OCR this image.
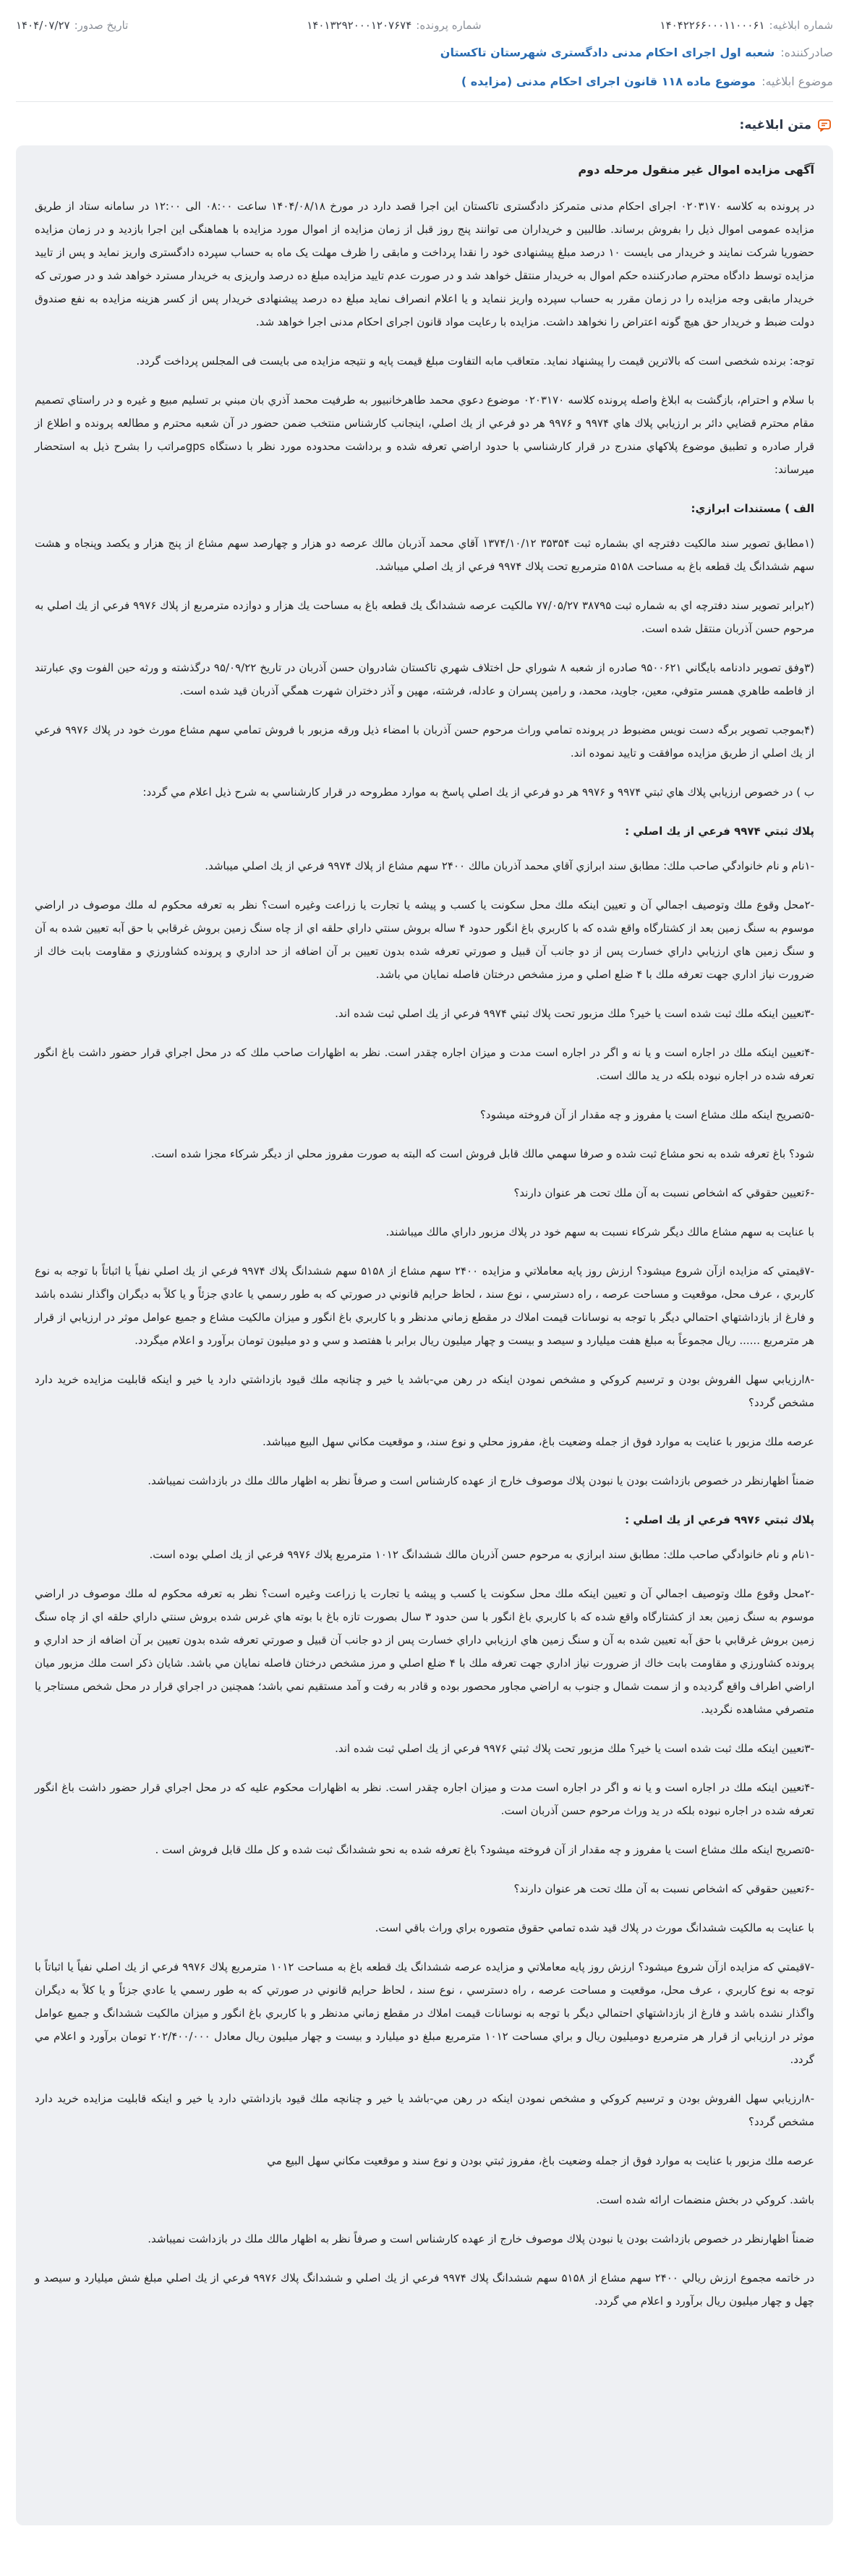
شماره ابلاغیه:
۱۴۰۴۲۲۶۶۰۰۰۱۱۰۰۰۶۱
شماره پرونده:
۱۴۰۱۳۲۹۲۰۰۰۱۲۰۷۶۷۴
تاریخ صدور:
۱۴۰۴/۰۷/۲۷
صادرکننده:
شعبه اول اجرای احکام مدنی دادگستری شهرستان تاکستان
موضوع ابلاغیه:
موضوع ماده ۱۱۸ قانون اجرای احکام مدنی (مزایده )
متن ابلاغیه:

آگهی مزایده اموال غیر منقول مرحله دوم

در پرونده به کلاسه ۰۲۰۳۱۷۰ اجرای احکام مدنی متمرکز دادگستری تاکستان این اجرا قصد دارد در مورخ ۱۴۰۴/۰۸/۱۸ ساعت ۰۸:۰۰ الی ۱۲:۰۰ در سامانه ستاد از طریق مزایده عمومی اموال ذیل را بفروش برساند. طالبین و خریداران می توانند پنج روز قبل از زمان مزایده از اموال مورد مزایده با هماهنگی این اجرا بازدید و در زمان مزایده حضوریا شرکت نمایند و خریدار می بایست ۱۰ درصد مبلغ پیشنهادی خود را نقدا پرداخت و مابقی را ظرف مهلت یک ماه به حساب سپرده دادگستری واریز نماید و پس از تایید مزایده توسط دادگاه محترم صادرکننده حکم اموال به خریدار منتقل خواهد شد و در صورت عدم تایید مزایده مبلغ ده درصد واریزی به خریدار مسترد خواهد شد و در صورتی که خریدار مابقی وجه مزایده را در زمان مقرر به حساب سپرده واریز ننماید و یا اعلام انصراف نماید مبلغ ده درصد پیشنهادی خریدار پس از کسر هزینه مزایده به نفع صندوق دولت ضبط و خریدار حق هیچ گونه اعتراض را نخواهد داشت. مزایده با رعایت مواد قانون اجرای احکام مدنی اجرا خواهد شد.

توجه: برنده شخصی است که بالاترین قیمت را پیشنهاد نماید. متعاقب مابه التفاوت مبلغ قیمت پایه و نتیجه مزایده می بایست فی المجلس پرداخت گردد.

با سلام و احترام، بازگشت به ابلاغ واصله پرونده کلاسه ۰۲۰۳۱۷۰ موضوع دعوي محمد طاهرخانبيور به طرفيت محمد آذري بان مبني بر تسليم مبيع و غيره و در راستاي تصميم مقام محترم قضايي دائر بر ارزيابي پلاك هاي ۹۹۷۴ و ۹۹۷۶ هر دو فرعي از يك اصلي، اينجانب كارشناس منتخب ضمن حضور در آن شعبه محترم و مطالعه پرونده و اطلاع از قرار صادره و تطبيق موضوع پلاكهاي مندرج در قرار كارشناسي با حدود اراضي تعرفه شده و برداشت محدوده مورد نظر با دستگاه gpsمراتب را بشرح ذيل به استحضار ميرساند:

الف ) مستندات ابرازي:

(۱مطابق تصوير سند مالكيت دفترچه اي بشماره ثبت ۳۵۳۵۴ ۱۳۷۴/۱۰/۱۲ آقاي محمد آذربان مالك عرصه دو هزار و چهارصد سهم مشاع از پنج هزار و يكصد وپنجاه و هشت سهم ششدانگ يك قطعه باغ به مساحت ۵۱۵۸ مترمربع تحت پلاك ۹۹۷۴ فرعي از يك اصلي ميباشد.

(۲برابر تصوير سند دفترچه اي به شماره ثبت ۳۸۷۹۵ ۷۷/۰۵/۲۷ مالكيت عرصه ششدانگ يك قطعه باغ به مساحت يك هزار و دوازده مترمربع از پلاك ۹۹۷۶ فرعي از يك اصلي به مرحوم حسن آذربان منتقل شده است.

(۳وفق تصوير دادنامه بايگاني ۹۵۰۰۶۲۱ صادره از شعبه ۸ شوراي حل اختلاف شهري تاكستان شادروان حسن آذربان در تاريخ ۹۵/۰۹/۲۲ درگذشته و ورثه حين الفوت وي عبارتند از فاطمه طاهري همسر متوفي، معين، جاويد، محمد، و رامين پسران و عادله، فرشته، مهين و آذر دختران شهرت همگي آذربان قيد شده است.

(۴بموجب تصوير برگه دست نويس مضبوط در پرونده تمامي وراث مرحوم حسن آذربان با امضاء ذيل ورقه مزبور با فروش تمامي سهم مشاع مورث خود در پلاك ۹۹۷۶ فرعي از يك اصلي از طريق مزايده موافقت و تاييد نموده اند.

ب ) در خصوص ارزيابي پلاك هاي ثبتي ۹۹۷۴ و ۹۹۷۶ هر دو فرعي از يك اصلي پاسخ به موارد مطروحه در قرار كارشناسي به شرح ذيل اعلام مي گردد:

پلاك ثبتي ۹۹۷۴ فرعي از يك اصلي :

-۱نام و نام خانوادگي صاحب ملك: مطابق سند ابرازي آقاي محمد آذربان مالك ۲۴۰۰ سهم مشاع از پلاك ۹۹۷۴ فرعي از يك اصلي ميباشد.

-۲محل وقوع ملك وتوصيف اجمالي آن و تعيين اينكه ملك محل سكونت يا كسب و پيشه يا تجارت يا زراعت وغيره است؟ نظر به تعرفه محكوم له ملك موصوف در اراضي موسوم به سنگ زمين بعد از كشتارگاه واقع شده كه با كاربري باغ انگور حدود ۴ ساله بروش سنتي داراي حلقه اي از چاه سنگ زمين بروش غرقابي با حق آبه تعيين شده به آن و سنگ زمين هاي ارزيابي داراي خسارت پس از دو جانب آن قبيل و صورتي تعرفه شده بدون تعيين بر آن اضافه از حد اداري و پرونده كشاورزي و مقاومت بابت خاك از ضرورت نياز اداري جهت تعرفه ملك با ۴ ضلع اصلي و مرز مشخص درختان فاصله نمايان مي باشد.

-۳تعيين اينكه ملك ثبت شده است يا خير؟ ملك مزبور تحت پلاك ثبتي ۹۹۷۴ فرعي از يك اصلي ثبت شده اند.

-۴تعيين اينكه ملك در اجاره است و يا نه و اگر در اجاره است مدت و ميزان اجاره چقدر است. نظر به اظهارات صاحب ملك كه در محل اجراي قرار حضور داشت باغ انگور تعرفه شده در اجاره نبوده بلكه در يد مالك است.

-۵تصريح اينكه ملك مشاع است يا مفروز و چه مقدار از آن فروخته ميشود؟

شود؟ باغ تعرفه شده به نحو مشاع ثبت شده و صرفا سهمي مالك قابل فروش است كه البته به صورت مفروز محلي از ديگر شركاء مجزا شده است.

-۶تعيين حقوقي كه اشخاص نسبت به آن ملك تحت هر عنوان دارند؟

با عنايت به سهم مشاع مالك ديگر شركاء نسبت به سهم خود در پلاك مزبور داراي مالك ميباشند.

-۷قيمتي كه مزايده ازآن شروع ميشود؟ ارزش روز پايه معاملاتي و مزايده ۲۴۰۰ سهم مشاع از ۵۱۵۸ سهم ششدانگ پلاك ۹۹۷۴ فرعي از يك اصلي نفياً يا اثباتاً با توجه به نوع كاربري ، عرف محل، موقعيت و مساحت عرصه ، راه دسترسي ، نوع سند ، لحاظ حرايم قانوني در صورتي كه به طور رسمي يا عادي جزئاً و يا كلاً به ديگران واگذار نشده باشد و فارغ از بازداشتهاي احتمالي ديگر با توجه به نوسانات قيمت املاك در مقطع زماني مدنظر و با كاربري باغ انگور و ميزان مالكيت مشاع و جميع عوامل موثر در ارزيابي از قرار هر مترمربع ...... ريال مجموعاً به مبلغ هفت ميليارد و سيصد و بيست و چهار ميليون ريال برابر با هفتصد و سي و دو ميليون تومان برآورد و اعلام ميگردد.

-۸ارزيابي سهل الفروش بودن و ترسيم كروكي و مشخص نمودن اينكه در رهن مي-باشد يا خير و چنانچه ملك قيود بازداشتي دارد يا خير و اينكه قابليت مزايده خريد دارد مشخص گردد؟

عرصه ملك مزبور با عنايت به موارد فوق از جمله وضعيت باغ، مفروز محلي و نوع سند، و موقعيت مكاني سهل البيع ميباشد.

ضمناً اظهارنظر در خصوص بازداشت بودن يا نبودن پلاك موصوف خارج از عهده كارشناس است و صرفاً نظر به اظهار مالك ملك در بازداشت نميباشد.

پلاك ثبتي ۹۹۷۶ فرعي از يك اصلي :

-۱نام و نام خانوادگي صاحب ملك: مطابق سند ابرازي به مرحوم حسن آذربان مالك ششدانگ ۱۰۱۲ مترمربع پلاك ۹۹۷۶ فرعي از يك اصلي بوده است.

-۲محل وقوع ملك وتوصيف اجمالي آن و تعيين اينكه ملك محل سكونت يا كسب و پيشه يا تجارت يا زراعت وغيره است؟ نظر به تعرفه محكوم له ملك موصوف در اراضي موسوم به سنگ زمين بعد از كشتارگاه واقع شده كه با كاربري باغ انگور با سن حدود ۳ سال بصورت تازه باغ با بوته هاي غرس شده بروش سنتي داراي حلقه اي از چاه سنگ زمين بروش غرقابي با حق آبه تعيين شده به آن و سنگ زمين هاي ارزيابي داراي خسارت پس از دو جانب آن قبيل و صورتي تعرفه شده بدون تعيين بر آن اضافه از حد اداري و پرونده كشاورزي و مقاومت بابت خاك از ضرورت نياز اداري جهت تعرفه ملك با ۴ ضلع اصلي و مرز مشخص درختان فاصله نمايان مي باشد. شايان ذكر است ملك مزبور ميان اراضي اطراف واقع گرديده و از سمت شمال و جنوب به اراضي مجاور محصور بوده و قادر به رفت و آمد مستقيم نمي باشد؛ همچنين در اجراي قرار در محل شخص مستاجر يا متصرفي مشاهده نگرديد.

-۳تعيين اينكه ملك ثبت شده است يا خير؟ ملك مزبور تحت پلاك ثبتي ۹۹۷۶ فرعي از يك اصلي ثبت شده اند.

-۴تعيين اينكه ملك در اجاره است و يا نه و اگر در اجاره است مدت و ميزان اجاره چقدر است. نظر به اظهارات محكوم عليه كه در محل اجراي قرار حضور داشت باغ انگور تعرفه شده در اجاره نبوده بلكه در يد وراث مرحوم حسن آذربان است.

-۵تصريح اينكه ملك مشاع است يا مفروز و چه مقدار از آن فروخته ميشود؟ باغ تعرفه شده به نحو ششدانگ ثبت شده و كل ملك قابل فروش است .

-۶تعيين حقوقي كه اشخاص نسبت به آن ملك تحت هر عنوان دارند؟

با عنايت به مالكيت ششدانگ مورث در پلاك قيد شده تمامي حقوق متصوره براي وراث باقي است.

-۷قيمتي كه مزايده ازآن شروع ميشود؟ ارزش روز پايه معاملاتي و مزايده عرصه ششدانگ يك قطعه باغ به مساحت ۱۰۱۲ مترمربع پلاك ۹۹۷۶ فرعي از يك اصلي نفياً يا اثباتاً با توجه به نوع كاربري ، عرف محل، موقعيت و مساحت عرصه ، راه دسترسي ، نوع سند ، لحاظ حرايم قانوني در صورتي كه به طور رسمي يا عادي جزئاً و يا كلاً به ديگران واگذار نشده باشد و فارغ از بازداشتهاي احتمالي ديگر با توجه به نوسانات قيمت املاك در مقطع زماني مدنظر و با كاربري باغ انگور و ميزان مالكيت ششدانگ و جميع عوامل موثر در ارزيابي از قرار هر مترمربع دوميليون ريال و براي مساحت ۱۰۱۲ مترمربع مبلغ دو ميليارد و بيست و چهار ميليون ريال معادل ۲۰۲/۴۰۰/۰۰۰ تومان برآورد و اعلام مي گردد.

-۸ارزيابي سهل الفروش بودن و ترسيم كروكي و مشخص نمودن اينكه در رهن مي-باشد يا خير و چنانچه ملك قيود بازداشتي دارد يا خير و اينكه قابليت مزايده خريد دارد مشخص گردد؟

عرصه ملك مزبور با عنايت به موارد فوق از جمله وضعيت باغ، مفروز ثبتي بودن و نوع سند و موقعيت مكاني سهل البيع مي

باشد. كروكي در بخش منضمات ارائه شده است.

ضمناً اظهارنظر در خصوص بازداشت بودن يا نبودن پلاك موصوف خارج از عهده كارشناس است و صرفاً نظر به اظهار مالك ملك در بازداشت نميباشد.

در خاتمه مجموع ارزش ريالي ۲۴۰۰ سهم مشاع از ۵۱۵۸ سهم ششدانگ پلاك ۹۹۷۴ فرعي از يك اصلي و ششدانگ پلاك ۹۹۷۶ فرعي از يك اصلي مبلغ شش ميليارد و سيصد و چهل و چهار ميليون ريال برآورد و اعلام مي گردد.
